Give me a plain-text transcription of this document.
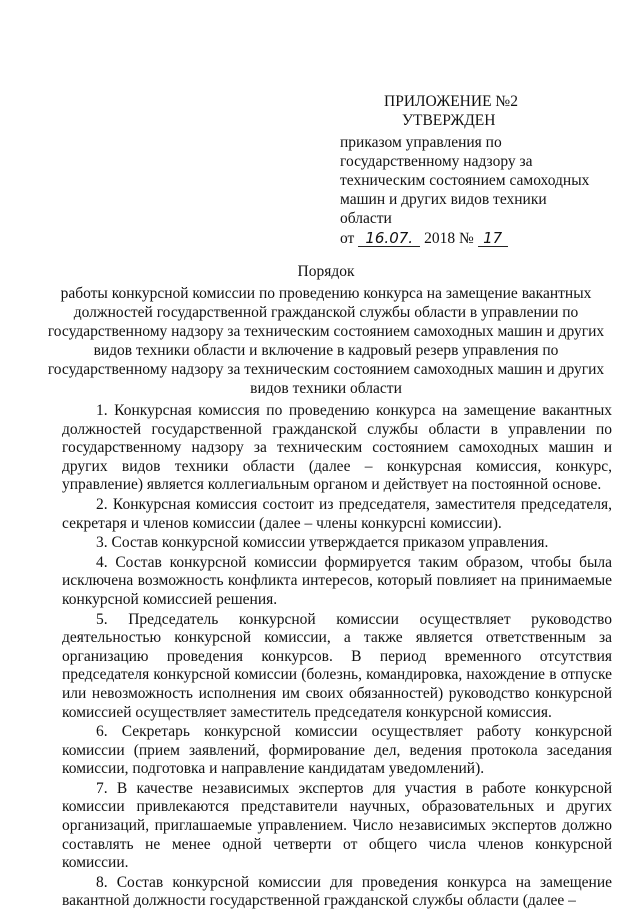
ПРИЛОЖЕНИЕ №2
УТВЕРЖДЕН
приказом управления по
государственному надзору за
техническим состоянием самоходных
машин и других видов техники
области
от 16.07. 2018 № 17
Порядок
работы конкурсной комиссии по проведению конкурса на замещение вакантных
должностей государственной гражданской службы области в управлении по
государственному надзору за техническим состоянием самоходных машин и других
видов техники области и включение в кадровый резерв управления по
государственному надзору за техническим состоянием самоходных машин и других
видов техники области

1. Конкурсная комиссия по проведению конкурса на замещение вакантных должностей государственной гражданской службы области в управлении по государственному надзору за техническим состоянием самоходных машин и других видов техники области (далее – конкурсная комиссия, конкурс, управление) является коллегиальным органом и действует на постоянной основе.

2. Конкурсная комиссия состоит из председателя, заместителя председателя, секретаря и членов комиссии (далее – члены конкурсні комиссии).

3. Состав конкурсной комиссии утверждается приказом управления.

4. Состав конкурсной комиссии формируется таким образом, чтобы была исключена возможность конфликта интересов, который повлияет на принимаемые конкурсной комиссией решения.

5. Председатель конкурсной комиссии осуществляет руководство деятельностью конкурсной комиссии, а также является ответственным за организацию проведения конкурсов. В период временного отсутствия председателя конкурсной комиссии (болезнь, командировка, нахождение в отпуске или невозможность исполнения им своих обязанностей) руководство конкурсной комиссией осуществляет заместитель председателя конкурсной комиссия.

6. Секретарь конкурсной комиссии осуществляет работу конкурсной комиссии (прием заявлений, формирование дел, ведения протокола заседания комиссии, подготовка и направление кандидатам уведомлений).

7. В качестве независимых экспертов для участия в работе конкурсной комиссии привлекаются представители научных, образовательных и других организаций, приглашаемые управлением. Число независимых экспертов должно составлять не менее одной четверти от общего числа членов конкурсной комиссии.

8. Состав конкурсной комиссии для проведения конкурса на замещение вакантной должности государственной гражданской службы области (далее –
